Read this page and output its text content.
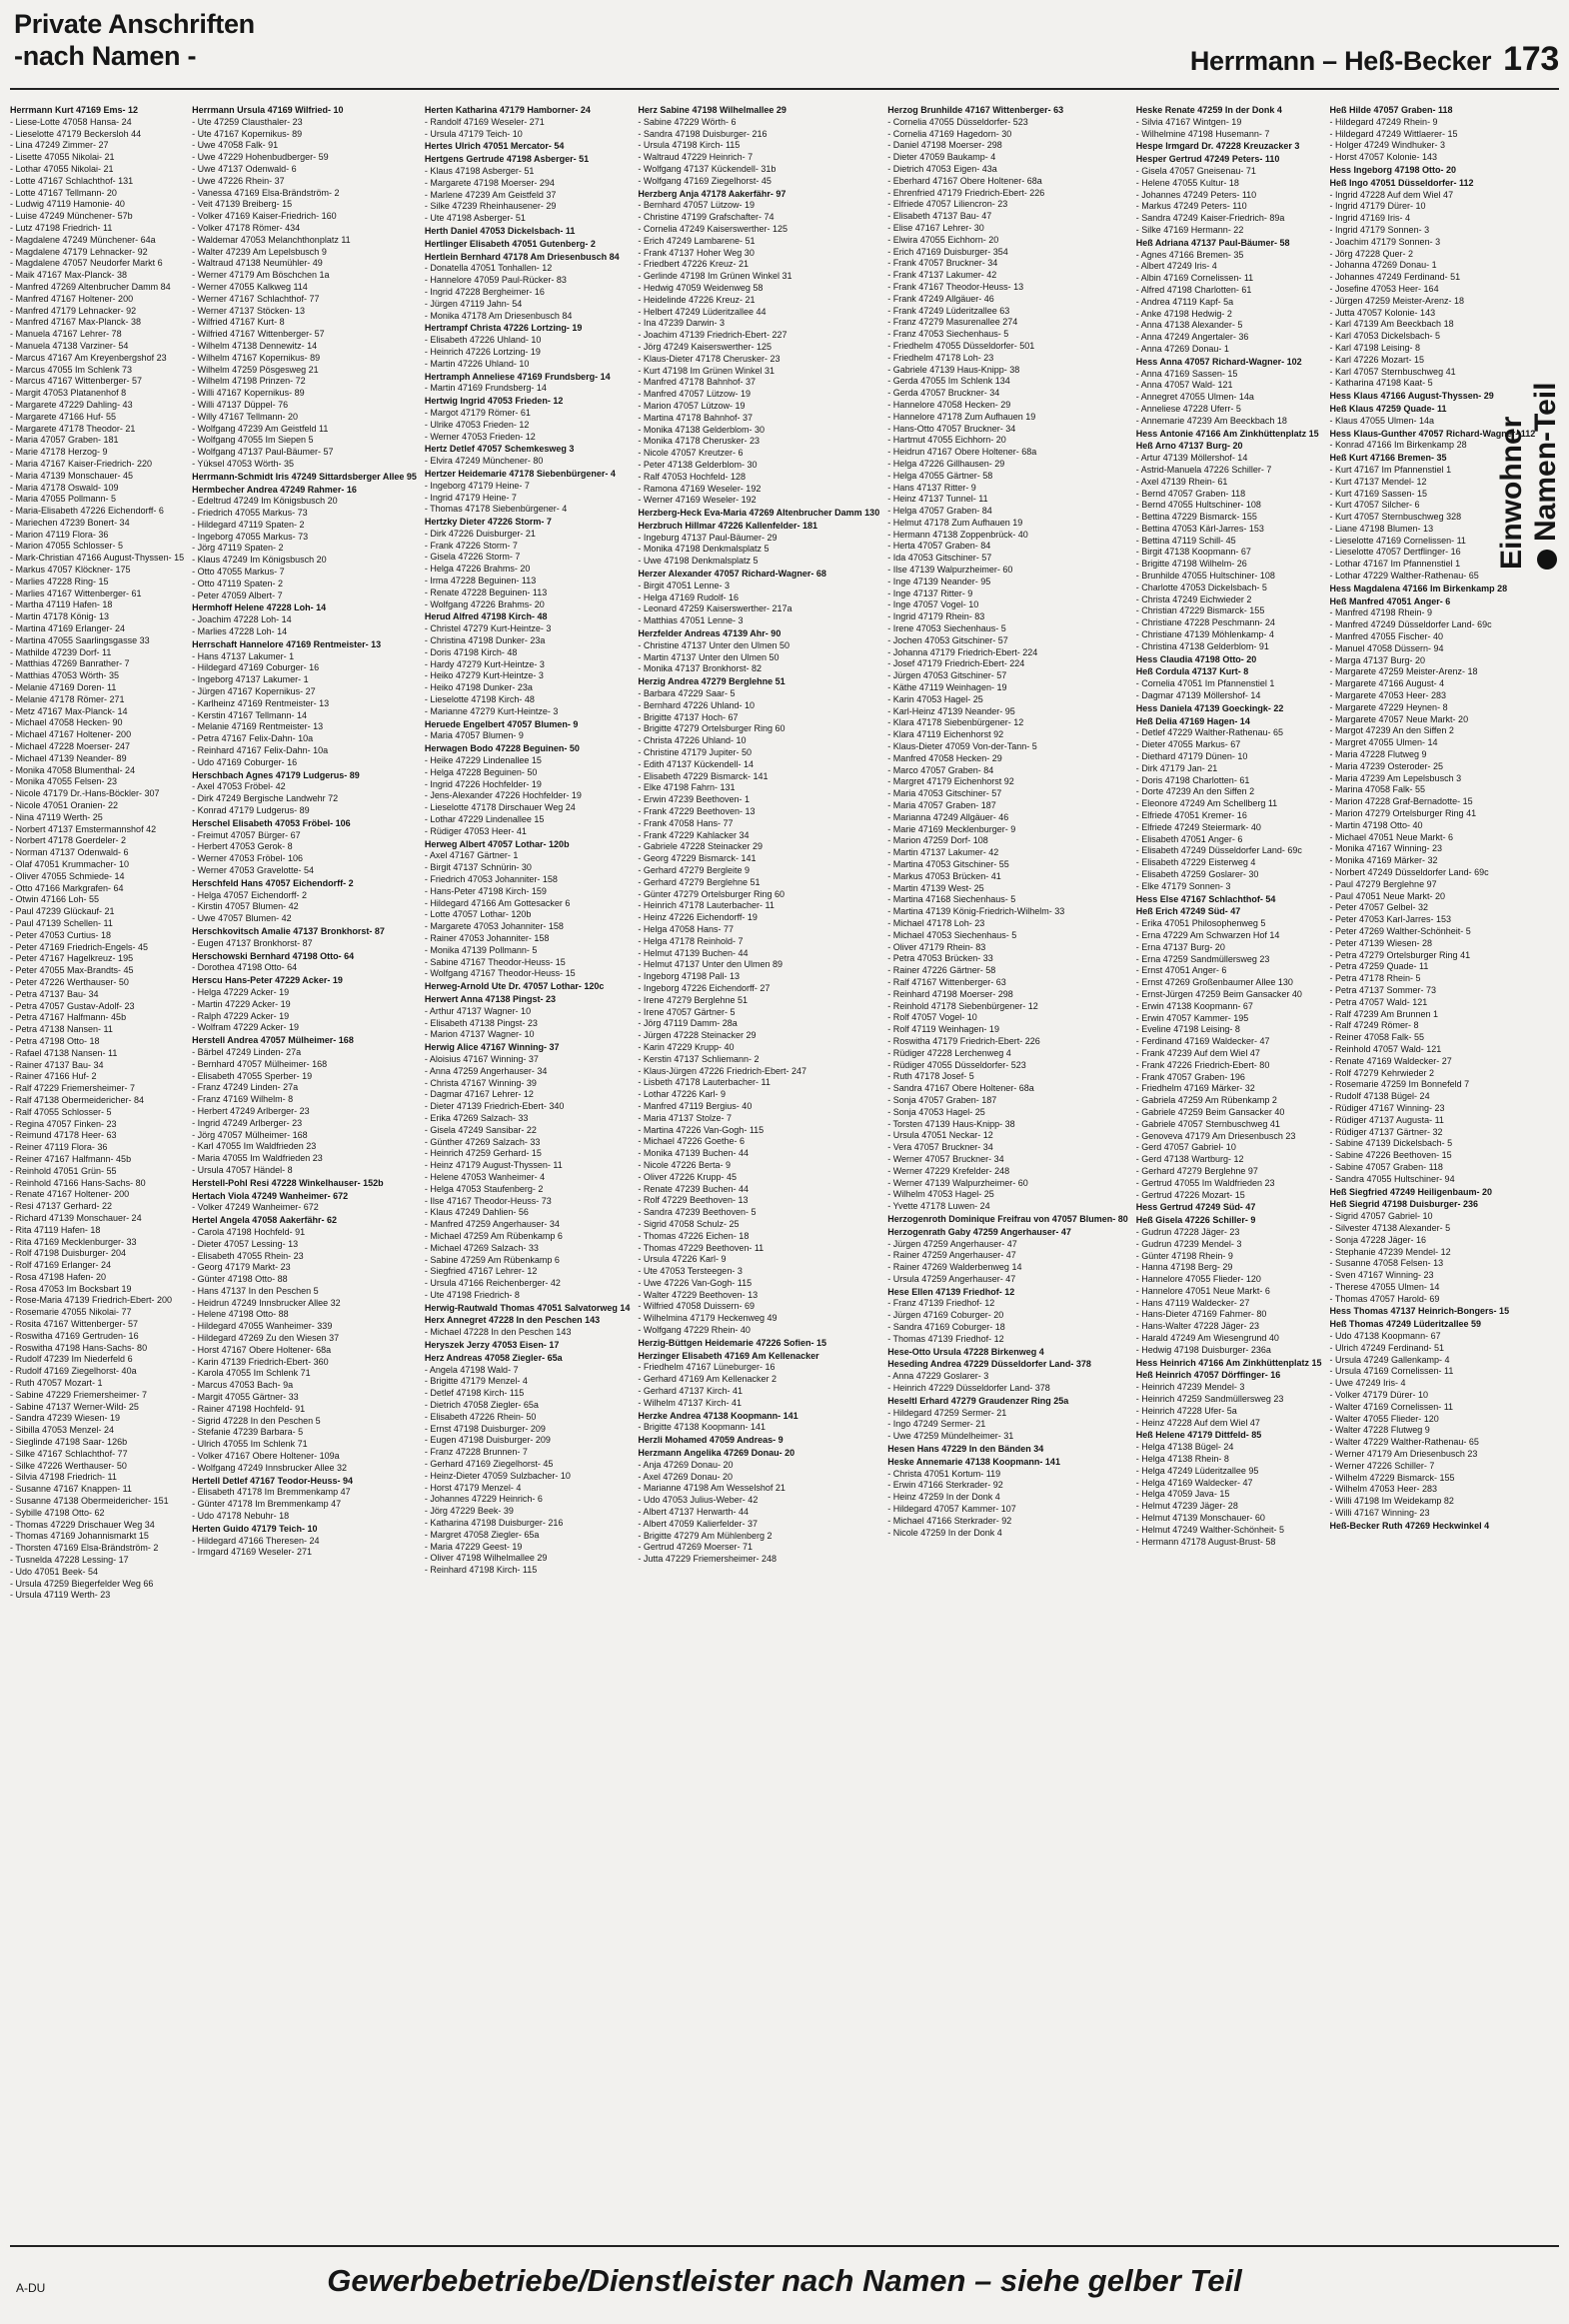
Private Anschriften
-nach Namen -	Herrmann – Heß-Becker 173
Herrmann Kurt 47169 Ems- 12
- Liese-Lotte 47058 Hansa- 24
- Lieselotte 47179 Beckersloh 44
- Lina 47249 Zimmer- 27
- Lisette 47055 Nikolai- 21
- Lothar 47055 Nikolai- 21
- Lotte 47167 Schlachthof- 131
- Lotte 47167 Tellmann- 20
- Ludwig 47119 Hamonie- 40
- Luise 47249 Münchener- 57b
- Lutz 47198 Friedrich- 11
- Magdalene 47249 Münchener- 64a
- Magdalene 47179 Lehnacker- 92
- Magdalene 47057 Neudorfer Markt 6
- Maik 47167 Max-Planck- 38
- Manfred 47269 Altenbrucher Damm 84
- Manfred 47167 Holtener- 200
- Manfred 47179 Lehnacker- 92
- Manfred 47167 Max-Planck- 38
- Manuela 47167 Lehrer- 78
- Manuela 47138 Varziner- 54
- Marcus 47167 Am Kreyenbergshof 23
- Marcus 47055 Im Schlenk 73
- Marcus 47167 Wittenberger- 57
- Margit 47053 Platanenhof 8
- Margarete 47229 Dahling- 43
- Margarete 47166 Huf- 55
- Margarete 47178 Theodor- 21
- Maria 47057 Graben- 181
- Marie 47178 Herzog- 9
- Maria 47167 Kaiser-Friedrich- 220
- Maria 47139 Monschauer- 45
- Maria 47178 Oswald- 109
- Maria 47055 Pollmann- 5
- Maria-Elisabeth 47226 Eichendorff- 6
- Mariechen 47239 Bonert- 34
- Marion 47119 Flora- 36
- Marion 47055 Schlosser- 5
- Mark-Christian 47166 August-Thyssen- 15
- Markus 47057 Klöckner- 175
- Marlies 47228 Ring- 15
- Marlies 47167 Wittenberger- 61
- Martha 47119 Hafen- 18
- Martin 47178 König- 13
- Martina 47169 Erlanger- 24
- Martina 47055 Saarlingsgasse 33
- Mathilde 47239 Dorf- 11
- Matthias 47269 Banrather- 7
- Matthias 47053 Wörth- 35
- Melanie 47169 Doren- 11
- Melanie 47178 Römer- 271
- Metz 47167 Max-Planck- 14
- Michael 47058 Hecken- 90
- Michael 47167 Holtener- 200
- Michael 47228 Moerser- 247
- Michael 47139 Neander- 89
- Monika 47058 Blumenthal- 24
- Monika 47055 Felsen- 23
- Nicole 47179 Dr.-Hans-Böckler- 307
- Nicole 47051 Oranien- 22
- Nina 47119 Werth- 25
- Norbert 47137 Emstermannshof 42
- Norbert 47178 Goerdeler- 2
- Norman 47137 Odenwald- 6
- Olaf 47051 Krummacher- 10
- Oliver 47055 Schmiede- 14
- Otto 47166 Markgrafen- 64
- Otwin 47166 Loh- 55
- Paul 47239 Glückauf- 21
- Paul 47139 Schellen- 11
- Peter 47053 Curtius- 18
- Peter 47169 Friedrich-Engels- 45
- Peter 47167 Hagelkreuz- 195
- Peter 47055 Max-Brandts- 45
- Peter 47226 Werthauser- 50
- Petra 47137 Bau- 34
- Petra 47057 Gustav-Adolf- 23
- Petra 47167 Halfmann- 45b
- Petra 47138 Nansen- 11
- Petra 47198 Otto- 18
- Rafael 47138 Nansen- 11
- Rainer 47137 Bau- 34
- Rainer 47166 Huf- 2
- Ralf 47229 Friemersheimer- 7
- Ralf 47138 Obermeidericher- 84
- Ralf 47055 Schlosser- 5
- Regina 47057 Finken- 23
- Reimund 47178 Heer- 63
- Reiner 47119 Flora- 36
- Reiner 47167 Halfmann- 45b
- Reinhold 47051 Grün- 55
- Reinhold 47166 Hans-Sachs- 80
- Renate 47167 Holtener- 200
- Resi 47137 Gerhard- 22
- Richard 47139 Monschauer- 24
- Rita 47119 Hafen- 18
- Rita 47169 Mecklenburger- 33
- Rolf 47198 Duisburger- 204
- Rolf 47169 Erlanger- 24
- Rosa 47198 Hafen- 20
- Rosa 47053 Im Bocksbart 19
- Rose-Maria 47139 Friedrich-Ebert- 200
- Rosemarie 47055 Nikolai- 77
- Rosita 47167 Wittenberger- 57
- Roswitha 47169 Gertruden- 16
- Roswitha 47198 Hans-Sachs- 80
- Rudolf 47239 Im Niederfeld 6
- Rudolf 47169 Ziegelhorst- 40a
- Ruth 47057 Mozart- 1
- Sabine 47229 Friemersheimer- 7
- Sabine 47137 Werner-Wild- 25
- Sandra 47239 Wiesen- 19
- Sibilla 47053 Menzel- 24
- Sieglinde 47198 Saar- 126b
- Silke 47167 Schlachthof- 77
- Silke 47226 Werthauser- 50
- Silvia 47198 Friedrich- 11
- Susanne 47167 Knappen- 11
- Susanne 47138 Obermeidericher- 151
- Sybille 47198 Otto- 62
- Thomas 47229 Drischauer Weg 34
- Thomas 47169 Johannismarkt 15
- Thorsten 47169 Elsa-Brändström- 2
- Tusnelda 47228 Lessing- 17
- Udo 47051 Beek- 54
- Ursula 47259 Biegerfelder Weg 66
- Ursula 47119 Werth- 23
Herrmann Ursula 47169 Wilfried- 10
- Ute 47259 Clausthaler- 23
- Ute 47167 Kopernikus- 89
- Uwe 47058 Falk- 91
- Uwe 47229 Hohenbudberger- 59
- Uwe 47137 Odenwald- 6
- Uwe 47226 Rhein- 37
- Vanessa 47169 Elsa-Brändström- 2
- Veit 47139 Breiberg- 15
- Volker 47169 Kaiser-Friedrich- 160
- Volker 47178 Römer- 434
- Waldemar 47053 Melanchthonplatz 11
- Walter 47239 Am Lepelsbusch 9
- Waltraud 47138 Neumühler- 49
- Werner 47179 Am Böschchen 1a
- Werner 47055 Kalkweg 114
- Werner 47167 Schlachthof- 77
- Werner 47137 Stöcken- 13
- Wilfried 47167 Kurt- 8
- Wilfried 47167 Wittenberger- 57
- Wilhelm 47138 Dennewitz- 14
- Wilhelm 47167 Kopernikus- 89
- Wilhelm 47259 Pösgesweg 21
- Wilhelm 47198 Prinzen- 72
- Willi 47167 Kopernikus- 89
- Willi 47137 Düppel- 76
- Willy 47167 Tellmann- 20
- Wolfgang 47239 Am Geistfeld 11
- Wolfgang 47055 Im Siepen 5
- Wolfgang 47137 Paul-Bäumer- 57
- Yüksel 47053 Wörth- 35
Herrmann-Schmidt Iris 47249 Sittardsberger Allee 95
Hermbecher Andrea 47249 Rahmer- 16
- Edeltrud 47249 Im Königsbusch 20
- Friedrich 47055 Markus- 73
- Hildegard 47119 Spaten- 2
- Ingeborg 47055 Markus- 73
- Jörg 47119 Spaten- 2
- Klaus 47249 Im Königsbusch 20
- Otto 47055 Markus- 7
- Otto 47119 Spaten- 2
- Peter 47059 Albert- 7
Hermhoff Helene 47228 Loh- 14
- Joachim 47228 Loh- 14
- Marlies 47228 Loh- 14
Herrschaft Hannelore 47169 Rentmeister- 13
- Hans 47137 Lakumer- 1
- Hildegard 47169 Coburger- 16
- Ingeborg 47137 Lakumer- 1
- Jürgen 47167 Kopernikus- 27
- Karlheinz 47169 Rentmeister- 13
- Kerstin 47167 Tellmann- 14
- Melanie 47169 Rentmeister- 13
- Petra 47167 Felix-Dahn- 10a
- Reinhard 47167 Felix-Dahn- 10a
- Udo 47169 Coburger- 16
Herschbach Agnes 47179 Ludgerus- 89
- Axel 47053 Fröbel- 42
- Dirk 47249 Bergische Landwehr 72
- Konrad 47179 Ludgerus- 89
Herschel Elisabeth 47053 Fröbel- 106
- Freimut 47057 Bürger- 67
- Herbert 47053 Gerok- 8
- Werner 47053 Fröbel- 106
- Werner 47053 Gravelotte- 54
Herschfeld Hans 47057 Eichendorff- 2
- Helga 47057 Eichendorff- 2
- Kirstin 47057 Blumen- 42
- Uwe 47057 Blumen- 42
Herschkovitsch Amalie 47137 Bronkhorst- 87
- Eugen 47137 Bronkhorst- 87
Herschowski Bernhard 47198 Otto- 64
- Dorothea 47198 Otto- 64
Herscu Hans-Peter 47229 Acker- 19
- Helga 47229 Acker- 19
- Martin 47229 Acker- 19
- Ralph 47229 Acker- 19
- Wolfram 47229 Acker- 19
Herstell Andrea 47057 Mülheimer- 168
- Bärbel 47249 Linden- 27a
- Bernhard 47057 Mülheimer- 168
- Elisabeth 47055 Sperber- 19
- Franz 47249 Linden- 27a
- Franz 47169 Wilhelm- 8
- Herbert 47249 Arlberger- 23
- Ingrid 47249 Arlberger- 23
- Jörg 47057 Mülheimer- 168
- Karl 47055 Im Waldfrieden 23
- Maria 47055 Im Waldfrieden 23
- Ursula 47057 Händel- 8
Herstell-Pohl Resi 47228 Winkelhauser- 152b
Hertach Viola 47249 Wanheimer- 672
- Volker 47249 Wanheimer- 672
Hertel Angela 47058 Aakerfähr- 62
- Carola 47198 Hochfeld- 91
- Dieter 47057 Lessing- 13
- Elisabeth 47055 Rhein- 23
- Georg 47179 Markt- 23
- Günter 47198 Otto- 88
- Hans 47137 In den Peschen 5
- Heidrun 47249 Innsbrucker Allee 32
- Helene 47198 Otto- 88
- Hildegard 47055 Wanheimer- 339
- Hildegard 47269 Zu den Wiesen 37
- Horst 47167 Obere Holtener- 68a
- Karin 47139 Friedrich-Ebert- 360
- Karola 47055 Im Schlenk 71
- Marcus 47053 Bach- 9a
- Margit 47055 Gärtner- 33
- Rainer 47198 Hochfeld- 91
- Sigrid 47228 In den Peschen 5
- Stefanie 47239 Barbara- 5
- Ulrich 47055 Im Schlenk 71
- Volker 47167 Obere Holtener- 109a
- Wolfgang 47249 Innsbrucker Allee 32
Hertell Detlef 47167 Teodor-Heuss- 94
- Elisabeth 47178 Im Bremmenkamp 47
- Günter 47178 Im Bremmenkamp 47
- Udo 47178 Nebuhr- 18
Herten Guido 47179 Teich- 10
- Hildegard 47166 Theresen- 24
- Irmgard 47169 Weseler- 271
Herten Katharina 47179 Hamborner- 24
- Randolf 47169 Weseler- 271
- Ursula 47179 Teich- 10
Hertes Ulrich 47051 Mercator- 54
Hertgens Gertrude 47198 Asberger- 51
- Klaus 47198 Asberger- 51
- Margarete 47198 Moerser- 294
- Marlene 47239 Am Geistfeld 37
- Silke 47239 Rheinhausener- 29
- Ute 47198 Asberger- 51
Herth Daniel 47053 Dickelsbach- 11
Hertlinger Elisabeth 47051 Gutenberg- 2
Hertlein Bernhard 47178 Am Driesenbusch 84
- Donatella 47051 Tonhallen- 12
- Hannelore 47059 Paul-Rücker- 83
- Ingrid 47228 Bergheimer- 16
- Jürgen 47119 Jahn- 54
- Monika 47178 Am Driesenbusch 84
Hertrampf Christa 47226 Lortzing- 19
- Elisabeth 47226 Uhland- 10
- Heinrich 47226 Lortzing- 19
- Martin 47226 Uhland- 10
Hertramph Anneliese 47169 Frundsberg- 14
- Martin 47169 Frundsberg- 14
Hertwig Ingrid 47053 Frieden- 12
- Margot 47179 Römer- 61
- Ulrike 47053 Frieden- 12
- Werner 47053 Frieden- 12
Hertz Detlef 47057 Schemkesweg 3
- Elvira 47249 Münchener- 80
Hertzer Heidemarie 47178 Siebenbürgener- 4
- Ingeborg 47179 Heine- 7
- Ingrid 47179 Heine- 7
- Thomas 47178 Siebenbürgener- 4
Hertzky Dieter 47226 Storm- 7
- Dirk 47226 Duisburger- 21
- Frank 47226 Storm- 7
- Gisela 47226 Storm- 7
- Helga 47226 Brahms- 20
- Irma 47228 Beguinen- 113
- Renate 47228 Beguinen- 113
- Wolfgang 47226 Brahms- 20
Herud Alfred 47198 Kirch- 48
- Christel 47279 Kurt-Heintze- 3
- Christina 47198 Dunker- 23a
- Doris 47198 Kirch- 48
- Hardy 47279 Kurt-Heintze- 3
- Heiko 47279 Kurt-Heintze- 3
- Heiko 47198 Dunker- 23a
- Lieselotte 47198 Kirch- 48
- Marianne 47279 Kurt-Heintze- 3
Heruede Engelbert 47057 Blumen- 9
- Maria 47057 Blumen- 9
Herwagen Bodo 47228 Beguinen- 50
- Heike 47229 Lindenallee 15
- Helga 47228 Beguinen- 50
- Ingrid 47226 Hochfelder- 19
- Jens-Alexander 47226 Hochfelder- 19
- Lieselotte 47178 Dirschauer Weg 24
- Lothar 47229 Lindenallee 15
- Rüdiger 47053 Heer- 41
Herweg Albert 47057 Lothar- 120b
- Axel 47167 Gärtner- 1
- Birgit 47137 Schnürin- 30
- Friedrich 47053 Johanniter- 158
- Hans-Peter 47198 Kirch- 159
- Hildegard 47166 Am Gottesacker 6
- Lotte 47057 Lothar- 120b
- Margarete 47053 Johanniter- 158
- Rainer 47053 Johanniter- 158
- Monika 47139 Pollmann- 5
- Sabine 47167 Theodor-Heuss- 15
- Wolfgang 47167 Theodor-Heuss- 15
Herweg-Arnold Ute Dr. 47057 Lothar- 120c
Herwert Anna 47138 Pingst- 23
- Arthur 47137 Wagner- 10
- Elisabeth 47138 Pingst- 23
- Marion 47137 Wagner- 10
Herwig Alice 47167 Winning- 37
- Aloisius 47167 Winning- 37
- Anna 47259 Angerhauser- 34
- Christa 47167 Winning- 39
- Dagmar 47167 Lehrer- 12
- Dieter 47139 Friedrich-Ebert- 340
- Erika 47269 Salzach- 33
- Gisela 47249 Sansibar- 22
- Günther 47269 Salzach- 33
- Heinrich 47259 Gerhard- 15
- Heinz 47179 August-Thyssen- 11
- Helene 47053 Wanheimer- 4
- Helga 47053 Staufenberg- 2
- Ilse 47167 Theodor-Heuss- 73
- Klaus 47249 Dahlien- 56
- Manfred 47259 Angerhauser- 34
- Michael 47259 Am Rübenkamp 6
- Michael 47269 Salzach- 33
- Sabine 47259 Am Rübenkamp 6
- Siegfried 47167 Lehrer- 12
- Ursula 47166 Reichenberger- 42
- Ute 47198 Friedrich- 8
Herwig-Rautwald Thomas 47051 Salvatorweg 14
Herx Annegret 47228 In den Peschen 143
- Michael 47228 In den Peschen 143
Heryszek Jerzy 47053 Eisen- 17
Herz Andreas 47058 Ziegler- 65a
- Angela 47198 Wald- 7
- Brigitte 47179 Menzel- 4
- Detlef 47198 Kirch- 115
- Dietrich 47058 Ziegler- 65a
- Elisabeth 47226 Rhein- 50
- Ernst 47198 Duisburger- 209
- Eugen 47198 Duisburger- 209
- Franz 47228 Brunnen- 7
- Gerhard 47169 Ziegelhorst- 45
- Heinz-Dieter 47059 Sulzbacher- 10
- Horst 47179 Menzel- 4
- Johannes 47229 Heinrich- 6
- Jörg 47229 Beek- 39
- Katharina 47198 Duisburger- 216
- Margret 47058 Ziegler- 65a
- Maria 47229 Geest- 19
- Oliver 47198 Wilhelmallee 29
- Reinhard 47198 Kirch- 115
Herz Sabine 47198 Wilhelmallee 29
- Sabine 47229 Wörth- 6
- Sandra 47198 Duisburger- 216
- Ursula 47198 Kirch- 115
- Waltraud 47229 Heinrich- 7
- Wolfgang 47137 Kückendell- 31b
- Wolfgang 47169 Ziegelhorst- 45
Herzberg Anja 47178 Aakerfähr- 97
- Bernhard 47057 Lützow- 19
- Christine 47199 Grafschafter- 74
- Cornelia 47249 Kaiserswerther- 125
- Erich 47249 Lambarene- 51
- Frank 47137 Hoher Weg 30
- Friedbert 47226 Kreuz- 21
- Gerlinde 47198 Im Grünen Winkel 31
- Hedwig 47059 Weidenweg 58
- Heidelinde 47226 Kreuz- 21
- Helbert 47249 Lüderitzallee 44
- Ina 47239 Darwin- 3
- Joachim 47139 Friedrich-Ebert- 227
- Jörg 47249 Kaiserswerther- 125
- Klaus-Dieter 47178 Cherusker- 23
- Kurt 47198 Im Grünen Winkel 31
- Manfred 47178 Bahnhof- 37
- Manfred 47057 Lützow- 19
- Marion 47057 Lützow- 19
- Martina 47178 Bahnhof- 37
- Monika 47138 Gelderblom- 30
- Monika 47178 Cherusker- 23
- Nicole 47057 Kreutzer- 6
- Peter 47138 Gelderblom- 30
- Ralf 47053 Hochfeld- 128
- Ramona 47169 Weseler- 192
- Werner 47169 Weseler- 192
Herzberg-Heck Eva-Maria 47269 Altenbrucher Damm 130
Herzbruch Hillmar 47226 Kallenfelder- 181
- Ingeburg 47137 Paul-Bäumer- 29
- Monika 47198 Denkmalsplatz 5
- Uwe 47198 Denkmalsplatz 5
Herzer Alexander 47057 Richard-Wagner- 68
- Birgit 47051 Lenne- 3
- Helga 47169 Rudolf- 16
- Leonard 47259 Kaiserswerther- 217a
- Matthias 47051 Lenne- 3
Herzfelder Andreas 47139 Ahr- 90
- Christine 47137 Unter den Ulmen 50
- Martin 47137 Unter den Ulmen 50
- Monika 47137 Bronkhorst- 82
Herzig Andrea 47279 Berglehne 51
- Barbara 47229 Saar- 5
- Bernhard 47226 Uhland- 10
- Brigitte 47137 Hoch- 67
- Brigitte 47279 Ortelsburger Ring 60
- Christa 47226 Uhland- 10
- Christine 47179 Jupiter- 50
- Edith 47137 Kückendell- 14
- Elisabeth 47229 Bismarck- 141
- Elke 47198 Fahrn- 131
- Erwin 47239 Beethoven- 1
- Frank 47229 Beethoven- 13
- Frank 47058 Hans- 77
- Frank 47229 Kahlacker 34
- Gabriele 47228 Steinacker 29
- Georg 47229 Bismarck- 141
- Gerhard 47279 Bergleite 9
- Gerhard 47279 Berglehne 51
- Günter 47279 Ortelsburger Ring 60
- Heinrich 47178 Lauterbacher- 11
- Heinz 47226 Eichendorff- 19
- Helga 47058 Hans- 77
- Helga 47178 Reinhold- 7
- Helmut 47139 Buchen- 44
- Helmut 47137 Unter den Ulmen 89
- Ingeborg 47198 Pall- 13
- Ingeborg 47226 Eichendorff- 27
- Irene 47279 Berglehne 51
- Irene 47057 Gärtner- 5
- Jörg 47119 Damm- 28a
- Jürgen 47228 Steinacker 29
- Karin 47229 Krupp- 40
- Kerstin 47137 Schliemann- 2
- Klaus-Jürgen 47226 Friedrich-Ebert- 247
- Lisbeth 47178 Lauterbacher- 11
- Lothar 47226 Karl- 9
- Manfred 47119 Bergius- 40
- Maria 47137 Stolze- 7
- Martina 47226 Van-Gogh- 115
- Michael 47226 Goethe- 6
- Monika 47139 Buchen- 44
- Nicole 47226 Berta- 9
- Oliver 47226 Krupp- 45
- Renate 47239 Buchen- 44
- Rolf 47229 Beethoven- 13
- Sandra 47239 Beethoven- 5
- Sigrid 47058 Schulz- 25
- Thomas 47226 Eichen- 18
- Thomas 47229 Beethoven- 11
- Ursula 47226 Karl- 9
- Ute 47053 Tersteegen- 3
- Uwe 47226 Van-Gogh- 115
- Walter 47229 Beethoven- 13
- Wilfried 47058 Duissern- 69
- Wilhelmina 47179 Heckenweg 49
- Wolfgang 47229 Rhein- 40
Herzig-Büttgen Heidemarie 47226 Sofien- 15
Herzinger Elisabeth 47169 Am Kellenacker
- Friedhelm 47167 Lüneburger- 16
- Gerhard 47169 Am Kellenacker 2
- Gerhard 47137 Kirch- 41
- Wilhelm 47137 Kirch- 41
Herzke Andrea 47138 Koopmann- 141
- Brigitte 47138 Koopmann- 141
Herzli Mohamed 47059 Andreas- 9
Herzmann Angelika 47269 Donau- 20
- Anja 47269 Donau- 20
- Axel 47269 Donau- 20
- Marianne 47198 Am Wesselshof 21
- Udo 47053 Julius-Weber- 42
- Albert 47137 Herwarth- 44
- Albert 47059 Kalierfelder- 37
- Brigitte 47279 Am Mühlenberg 2
- Gertrud 47269 Moerser- 71
- Jutta 47229 Friemersheimer- 248
Herzog Brunhilde 47167 Wittenberger- 63
- Cornelia 47055 Düsseldorfer- 523
- Cornelia 47169 Hagedorn- 30
- Daniel 47198 Moerser- 298
- Dieter 47059 Baukamp- 4
- Dietrich 47053 Eigen- 43a
- Eberhard 47167 Obere Holtener- 68a
- Ehrenfried 47179 Friedrich-Ebert- 226
- Elfriede 47057 Liliencron- 23
- Elisabeth 47137 Bau- 47
- Elise 47167 Lehrer- 30
- Elwira 47055 Eichhorn- 20
- Erich 47169 Duisburger- 354
- Frank 47057 Bruckner- 34
- Frank 47137 Lakumer- 42
- Frank 47167 Theodor-Heuss- 13
- Frank 47249 Allgäuer- 46
- Frank 47249 Lüderitzallee 63
- Franz 47279 Masurenallee 274
- Franz 47053 Siechenhaus- 5
- Friedhelm 47055 Düsseldorfer- 501
- Friedhelm 47178 Loh- 23
- Gabriele 47139 Haus-Knipp- 38
- Gerda 47055 Im Schlenk 134
- Gerda 47057 Bruckner- 34
- Hannelore 47058 Hecken- 29
- Hannelore 47178 Zum Aufhauen 19
- Hans-Otto 47057 Bruckner- 34
- Hartmut 47055 Eichhorn- 20
- Heidrun 47167 Obere Holtener- 68a
- Helga 47226 Gillhausen- 29
- Helga 47055 Gärtner- 58
- Hans 47137 Ritter- 9
- Heinz 47137 Tunnel- 11
- Helga 47057 Graben- 84
- Helmut 47178 Zum Aufhauen 19
- Hermann 47138 Zoppenbrück- 40
- Herta 47057 Graben- 84
- Ida 47053 Gitschiner- 57
- Ilse 47139 Walpurzheimer- 60
- Inge 47139 Neander- 95
- Inge 47137 Ritter- 9
- Inge 47057 Vogel- 10
- Ingrid 47179 Rhein- 83
- Irene 47053 Siechenhaus- 5
- Jochen 47053 Gitschiner- 57
- Johanna 47179 Friedrich-Ebert- 224
- Josef 47179 Friedrich-Ebert- 224
- Jürgen 47053 Gitschiner- 57
- Käthe 47119 Weinhagen- 19
- Karin 47053 Hagel- 25
- Karl-Heinz 47139 Neander- 95
- Klara 47178 Siebenbürgener- 12
- Klara 47119 Eichenhorst 92
- Klaus-Dieter 47059 Von-der-Tann- 5
- Manfred 47058 Hecken- 29
- Marco 47057 Graben- 84
- Margret 47179 Eichenhorst 92
- Maria 47053 Gitschiner- 57
- Maria 47057 Graben- 187
- Marianna 47249 Allgäuer- 46
- Marie 47169 Mecklenburger- 9
- Marion 47259 Dorf- 108
- Martin 47137 Lakumer- 42
- Martina 47053 Gitschiner- 55
- Markus 47053 Brücken- 41
- Martin 47139 West- 25
- Martina 47168 Siechenhaus- 5
- Martina 47139 König-Friedrich-Wilhelm- 33
- Michael 47178 Loh- 23
- Michael 47053 Siechenhaus- 5
- Oliver 47179 Rhein- 83
- Petra 47053 Brücken- 33
- Rainer 47226 Gärtner- 58
- Ralf 47167 Wittenberger- 63
- Reinhard 47198 Moerser- 298
- Reinhold 47178 Siebenbürgener- 12
- Rolf 47057 Vogel- 10
- Rolf 47119 Weinhagen- 19
- Roswitha 47179 Friedrich-Ebert- 226
- Rüdiger 47228 Lerchenweg 4
- Rüdiger 47055 Düsseldorfer- 523
- Ruth 47178 Josef- 5
- Sandra 47167 Obere Holtener- 68a
- Sonja 47057 Graben- 187
- Sonja 47053 Hagel- 25
- Torsten 47139 Haus-Knipp- 38
- Ursula 47051 Neckar- 12
- Vera 47057 Bruckner- 34
- Werner 47057 Bruckner- 34
- Werner 47229 Krefelder- 248
- Werner 47139 Walpurzheimer- 60
- Wilhelm 47053 Hagel- 25
- Yvette 47178 Luwen- 24
Herzogenroth Dominique Freifrau von 47057 Blumen- 80
Herzogenrath Gaby 47259 Angerhauser- 47
- Jürgen 47259 Angerhauser- 47
- Rainer 47259 Angerhauser- 47
- Rainer 47269 Walderbenweg 14
- Ursula 47259 Angerhauser- 47
Hese Ellen 47139 Friedhof- 12
- Franz 47139 Friedhof- 12
- Jürgen 47169 Coburger- 20
- Sandra 47169 Coburger- 18
- Thomas 47139 Friedhof- 12
Hese-Otto Ursula 47228 Birkenweg 4
Heseding Andrea 47229 Düsseldorfer Land- 378
- Anna 47229 Goslarer- 3
- Heinrich 47229 Düsseldorfer Land- 378
Heseltl Erhard 47279 Graudenzer Ring 25a
- Hildegard 47259 Sermer- 21
- Ingo 47249 Sermer- 21
- Uwe 47259 Mündelheimer- 31
Hesen Hans 47229 In den Bänden 34
Heske Annemarie 47138 Koopmann- 141
- Christa 47051 Kortum- 119
- Erwin 47166 Sterkrader- 92
- Heinz 47259 In der Donk 4
- Hildegard 47057 Kammer- 107
- Michael 47166 Sterkrader- 92
- Nicole 47259 In der Donk 4
Heske Renate 47259 In der Donk 4
- Silvia 47167 Wintgen- 19
- Wilhelmine 47198 Husemann- 7
Hespe Irmgard Dr. 47228 Kreuzacker 3
Hesper Gertrud 47249 Peters- 110
- Gisela 47057 Gneisenau- 71
- Helene 47055 Kultur- 18
- Johannes 47249 Peters- 110
- Markus 47249 Peters- 110
- Sandra 47249 Kaiser-Friedrich- 89a
- Silke 47169 Hermann- 22
Heß Adriana 47137 Paul-Bäumer- 58
- Agnes 47166 Bremen- 35
- Albert 47249 Iris- 4
- Albin 47169 Cornelissen- 11
- Alfred 47198 Charlotten- 61
- Andrea 47119 Kapf- 5a
- Anke 47198 Hedwig- 2
- Anna 47138 Alexander- 5
- Anna 47249 Angertaler- 36
- Anna 47269 Donau- 1
Hess Anna 47057 Richard-Wagner- 102
- Anna 47169 Sassen- 15
- Anna 47057 Wald- 121
- Annegret 47055 Ulmen- 14a
- Anneliese 47228 Uferr- 5
- Annemarie 47239 Am Beeckbach 18
Hess Antonie 47166 Am Zinkhüttenplatz 15
Heß Arno 47137 Burg- 20
- Artur 47139 Möllershof- 14
- Astrid-Manuela 47226 Schiller- 7
- Axel 47139 Rhein- 61
- Bernd 47057 Graben- 118
- Bernd 47055 Hultschiner- 108
- Bettina 47229 Bismarck- 155
- Bettina 47053 Kärl-Jarres- 153
- Bettina 47119 Schill- 45
- Birgit 47138 Koopmann- 67
- Brigitte 47198 Wilhelm- 26
- Brunhilde 47055 Hultschiner- 108
- Charlotte 47053 Dickelsbach- 5
- Christa 47249 Eichwieder 2
- Christian 47229 Bismarck- 155
- Christiane 47228 Peschmann- 24
- Christiane 47139 Möhlenkamp- 4
- Christina 47138 Gelderblom- 91
Hess Claudia 47198 Otto- 20
Heß Cordula 47137 Kurt- 8
- Cornelia 47051 Im Pfannenstiel 1
- Dagmar 47139 Möllershof- 14
Hess Daniela 47139 Goeckingk- 22
Heß Delia 47169 Hagen- 14
- Detlef 47229 Walther-Rathenau- 65
- Dieter 47055 Markus- 67
- Diethard 47179 Dünen- 10
- Dirk 47179 Jan- 21
- Doris 47198 Charlotten- 61
- Dorte 47239 An den Siffen 2
- Eleonore 47249 Am Schellberg 11
- Elfriede 47051 Kremer- 16
- Elfriede 47249 Steiermark- 40
- Elisabeth 47051 Anger- 6
- Elisabeth 47249 Düsseldorfer Land- 69c
- Elisabeth 47229 Eisterweg 4
- Elisabeth 47259 Goslarer- 30
- Elke 47179 Sonnen- 3
Hess Else 47167 Schlachthof- 54
Heß Erich 47249 Süd- 47
- Erika 47051 Philosophenweg 5
- Erna 47229 Am Schwarzen Hof 14
- Erna 47137 Burg- 20
- Erna 47259 Sandmüllersweg 23
- Ernst 47051 Anger- 6
- Ernst 47269 Großenbaumer Allee 130
- Ernst-Jürgen 47259 Beim Gansacker 40
- Erwin 47138 Koopmann- 67
- Erwin 47057 Kammer- 195
- Eveline 47198 Leising- 8
- Ferdinand 47169 Waldecker- 47
- Frank 47239 Auf dem Wiel 47
- Frank 47226 Friedrich-Ebert- 80
- Frank 47057 Graben- 196
- Friedhelm 47169 Märker- 32
- Gabriela 47259 Am Rübenkamp 2
- Gabriele 47259 Beim Gansacker 40
- Gabriele 47057 Sternbuschweg 41
- Genoveva 47179 Am Driesenbusch 23
- Gerd 47057 Gabriel- 10
- Gerd 47138 Wartburg- 12
- Gerhard 47279 Berglehne 97
- Gertrud 47055 Im Waldfrieden 23
- Gertrud 47226 Mozart- 15
Hess Gertrud 47249 Süd- 47
Heß Gisela 47226 Schiller- 9
- Gudrun 47228 Jäger- 23
- Gudrun 47239 Mendel- 3
- Günter 47198 Rhein- 9
- Hanna 47198 Berg- 29
- Hannelore 47055 Flieder- 120
- Hannelore 47051 Neue Markt- 6
- Hans 47119 Waldecker- 27
- Hans-Dieter 47169 Fahrner- 80
- Hans-Walter 47228 Jäger- 23
- Harald 47249 Am Wiesengrund 40
- Hedwig 47198 Duisburger- 236a
Hess Heinrich 47166 Am Zinkhüttenplatz 15
Heß Heinrich 47057 Dörffinger- 16
- Heinrich 47239 Mendel- 3
- Heinrich 47259 Sandmüllersweg 23
- Heinrich 47228 Ufer- 5a
- Heinz 47228 Auf dem Wiel 47
Heß Helene 47179 Dittfeld- 85
- Helga 47138 Bügel- 24
- Helga 47138 Rhein- 8
- Helga 47249 Lüderitzallee 95
- Helga 47169 Waldecker- 47
- Helga 47059 Java- 15
- Helmut 47239 Jäger- 28
- Helmut 47139 Monschauer- 60
- Helmut 47249 Walther-Schönheit- 5
- Hermann 47178 August-Brust- 58
Heß Hilde 47057 Graben- 118
- Hildegard 47249 Rhein- 9
- Hildegard 47249 Wittlaerer- 15
- Holger 47249 Windhuker- 3
- Horst 47057 Kolonie- 143
Hess Ingeborg 47198 Otto- 20
Heß Ingo 47051 Düsseldorfer- 112
- Ingrid 47228 Auf dem Wiel 47
- Ingrid 47179 Dürer- 10
- Ingrid 47169 Iris- 4
- Ingrid 47179 Sonnen- 3
- Joachim 47179 Sonnen- 3
- Jörg 47228 Quer- 2
- Johanna 47269 Donau- 1
- Johannes 47249 Ferdinand- 51
- Josefine 47053 Heer- 164
- Jürgen 47259 Meister-Arenz- 18
- Jutta 47057 Kolonie- 143
- Karl 47139 Am Beeckbach 18
- Karl 47053 Dickelsbach- 5
- Karl 47198 Leising- 8
- Karl 47226 Mozart- 15
- Karl 47057 Sternbuschweg 41
- Katharina 47198 Kaat- 5
Hess Klaus 47166 August-Thyssen- 29
Heß Klaus 47259 Quade- 11
- Klaus 47055 Ulmen- 14a
Hess Klaus-Gunther 47057 Richard-Wagner- 112
- Konrad 47166 Im Birkenkamp 28
Heß Kurt 47166 Bremen- 35
- Kurt 47167 Im Pfannenstiel 1
- Kurt 47137 Mendel- 12
- Kurt 47169 Sassen- 15
- Kurt 47057 Silcher- 6
- Kurt 47057 Sternbuschweg 328
- Liane 47198 Blumen- 13
- Lieselotte 47169 Cornelissen- 11
- Lieselotte 47057 Dertflinger- 16
- Lothar 47167 Im Pfannenstiel 1
- Lothar 47229 Walther-Rathenau- 65
Hess Magdalena 47166 Im Birkenkamp 28
Heß Manfred 47051 Anger- 6
- Manfred 47198 Rhein- 9
- Manfred 47249 Düsseldorfer Land- 69c
- Manfred 47055 Fischer- 40
- Manuel 47058 Düssern- 94
- Marga 47137 Burg- 20
- Margarete 47259 Meister-Arenz- 18
- Margarete 47166 August- 4
- Margarete 47053 Heer- 283
- Margarete 47229 Heynen- 8
- Margarete 47057 Neue Markt- 20
- Margot 47239 An den Siffen 2
- Margret 47055 Ulmen- 14
- Maria 47228 Flutweg 9
- Maria 47239 Osteroder- 25
- Maria 47239 Am Lepelsbusch 3
- Marina 47058 Falk- 55
- Marion 47228 Graf-Bernadotte- 15
- Marion 47279 Ortelsburger Ring 41
- Martin 47198 Otto- 40
- Michael 47051 Neue Markt- 6
- Monika 47167 Winning- 23
- Monika 47169 Märker- 32
- Norbert 47249 Düsseldorfer Land- 69c
- Paul 47279 Berglehne 97
- Paul 47051 Neue Markt- 20
- Peter 47057 Gelbel- 32
- Peter 47053 Karl-Jarres- 153
- Peter 47269 Walther-Schönheit- 5
- Peter 47139 Wiesen- 28
- Petra 47279 Ortelsburger Ring 41
- Petra 47259 Quade- 11
- Petra 47178 Rhein- 5
- Petra 47137 Sommer- 73
- Petra 47057 Wald- 121
- Ralf 47239 Am Brunnen 1
- Ralf 47249 Römer- 8
- Reiner 47058 Falk- 55
- Reinhold 47057 Wald- 121
- Renate 47169 Waldecker- 27
- Rolf 47279 Kehrwieder 2
- Rosemarie 47259 Im Bonnefeld 7
- Rudolf 47138 Bügel- 24
- Rüdiger 47167 Winning- 23
- Rüdiger 47137 Augusta- 11
- Rüdiger 47137 Gärtner- 32
- Sabine 47139 Dickelsbach- 5
- Sabine 47226 Beethoven- 15
- Sabine 47057 Graben- 118
- Sandra 47055 Hultschiner- 94
Heß Siegfried 47249 Heiligenbaum- 20
Heß Siegrid 47198 Duisburger- 236
- Sigrid 47057 Gabriel- 10
- Silvester 47138 Alexander- 5
- Sonja 47228 Jäger- 16
- Stephanie 47239 Mendel- 12
- Susanne 47058 Felsen- 13
- Sven 47167 Winning- 23
- Therese 47055 Ulmen- 14
- Thomas 47057 Harold- 69
Hess Thomas 47137 Heinrich-Bongers- 15
Heß Thomas 47249 Lüderitzallee 59
- Udo 47138 Koopmann- 67
- Ulrich 47249 Ferdinand- 51
- Ursula 47249 Gallenkamp- 4
- Ursula 47169 Cornelissen- 11
- Uwe 47249 Iris- 4
- Volker 47179 Dürer- 10
- Walter 47169 Cornelissen- 11
- Walter 47055 Flieder- 120
- Walter 47228 Flutweg 9
- Walter 47229 Walther-Rathenau- 65
- Werner 47179 Am Driesenbusch 23
- Werner 47226 Schiller- 7
- Wilhelm 47229 Bismarck- 155
- Wilhelm 47053 Heer- 283
- Willi 47198 Im Weidekamp 82
- Willi 47167 Winning- 23
Heß-Becker Ruth 47269 Heckwinkel 4
Einwohner Namen-Teil
A-DU	Gewerbebetriebe/Dienstleister nach Namen – siehe gelber Teil
